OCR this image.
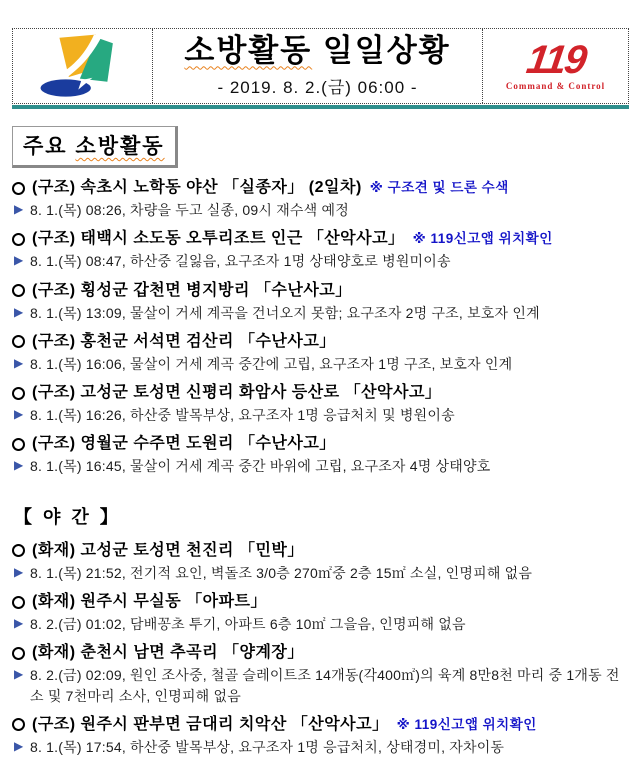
소방활동 일일상황
- 2019. 8. 2.(금) 06:00 -
119
Command & Control
주요 소방활동
(구조) 속초시 노학동 야산 「실종자」 (2일차) ※ 구조견 및 드론 수색
▶ 8. 1.(목) 08:26, 차량을 두고 실종, 09시 재수색 예정
(구조) 태백시 소도동 오투리조트 인근 「산악사고」 ※ 119신고앱 위치확인
▶ 8. 1.(목) 08:47, 하산중 길잃음, 요구조자 1명 상태양호로 병원미이송
(구조) 횡성군 갑천면 병지방리 「수난사고」
▶ 8. 1.(목) 13:09, 물살이 거세 계곡을 건너오지 못함; 요구조자 2명 구조, 보호자 인계
(구조) 홍천군 서석면 검산리 「수난사고」
▶ 8. 1.(목) 16:06, 물살이 거세 계곡 중간에 고립, 요구조자 1명 구조, 보호자 인계
(구조) 고성군 토성면 신평리 화암사 등산로 「산악사고」
▶ 8. 1.(목) 16:26, 하산중 발목부상, 요구조자 1명 응급처치 및 병원이송
(구조) 영월군 수주면 도원리 「수난사고」
▶ 8. 1.(목) 16:45, 물살이 거세 계곡 중간 바위에 고립, 요구조자 4명 상태양호
【 야 간 】
(화재) 고성군 토성면 천진리 「민박」
▶ 8. 1.(목) 21:52, 전기적 요인, 벽돌조 3/0층 270㎡중 2층 15㎡ 소실, 인명피해 없음
(화재) 원주시 무실동 「아파트」
▶ 8. 2.(금) 01:02, 담배꽁초 투기, 아파트 6층 10㎡ 그을음, 인명피해 없음
(화재) 춘천시 남면 추곡리 「양계장」
▶ 8. 2.(금) 02:09, 원인 조사중, 철골 슬레이트조 14개동(각400㎡)의 육계 8만8천 마리 중 1개동 전소 및 7천마리 소사, 인명피해 없음
(구조) 원주시 판부면 금대리 치악산 「산악사고」 ※ 119신고앱 위치확인
▶ 8. 1.(목) 17:54, 하산중 발목부상, 요구조자 1명 응급처치, 상태경미, 자차이동
